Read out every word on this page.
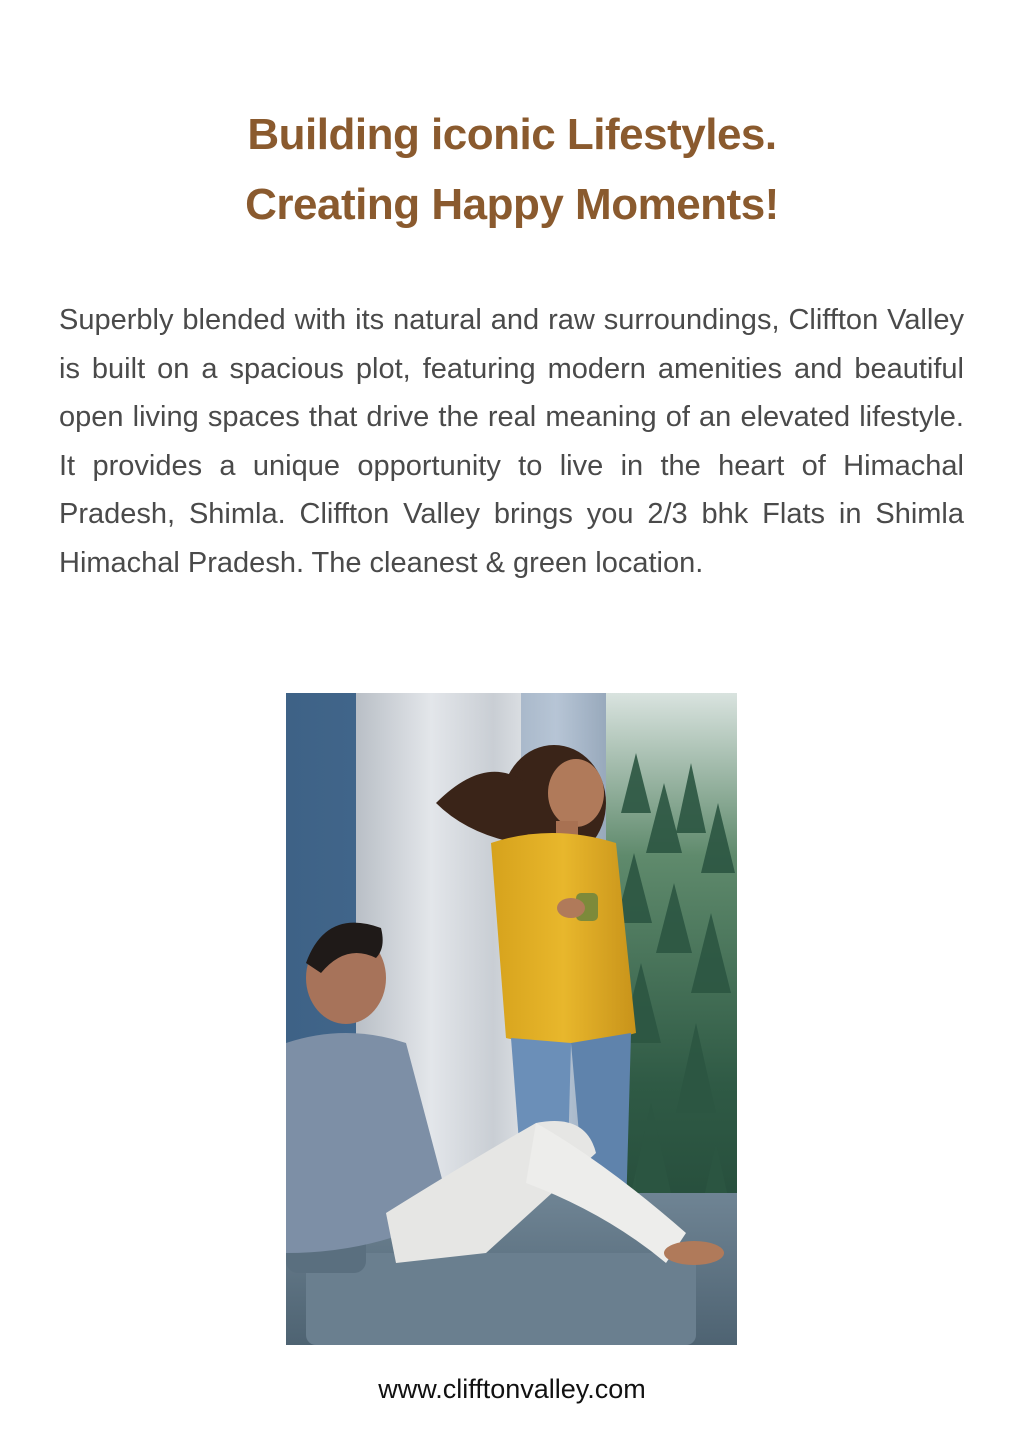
Building iconic Lifestyles.
Creating Happy Moments!

Superbly blended with its natural and raw surroundings, Cliffton Valley is built on a spacious plot, featuring modern amenities and beautiful open living spaces that drive the real meaning of an elevated lifestyle. It provides a unique opportunity to live in the heart of Himachal Pradesh, Shimla. Cliffton Valley brings you 2/3 bhk Flats in Shimla Himachal Pradesh. The cleanest & green location.

www.clifftonvalley.com
